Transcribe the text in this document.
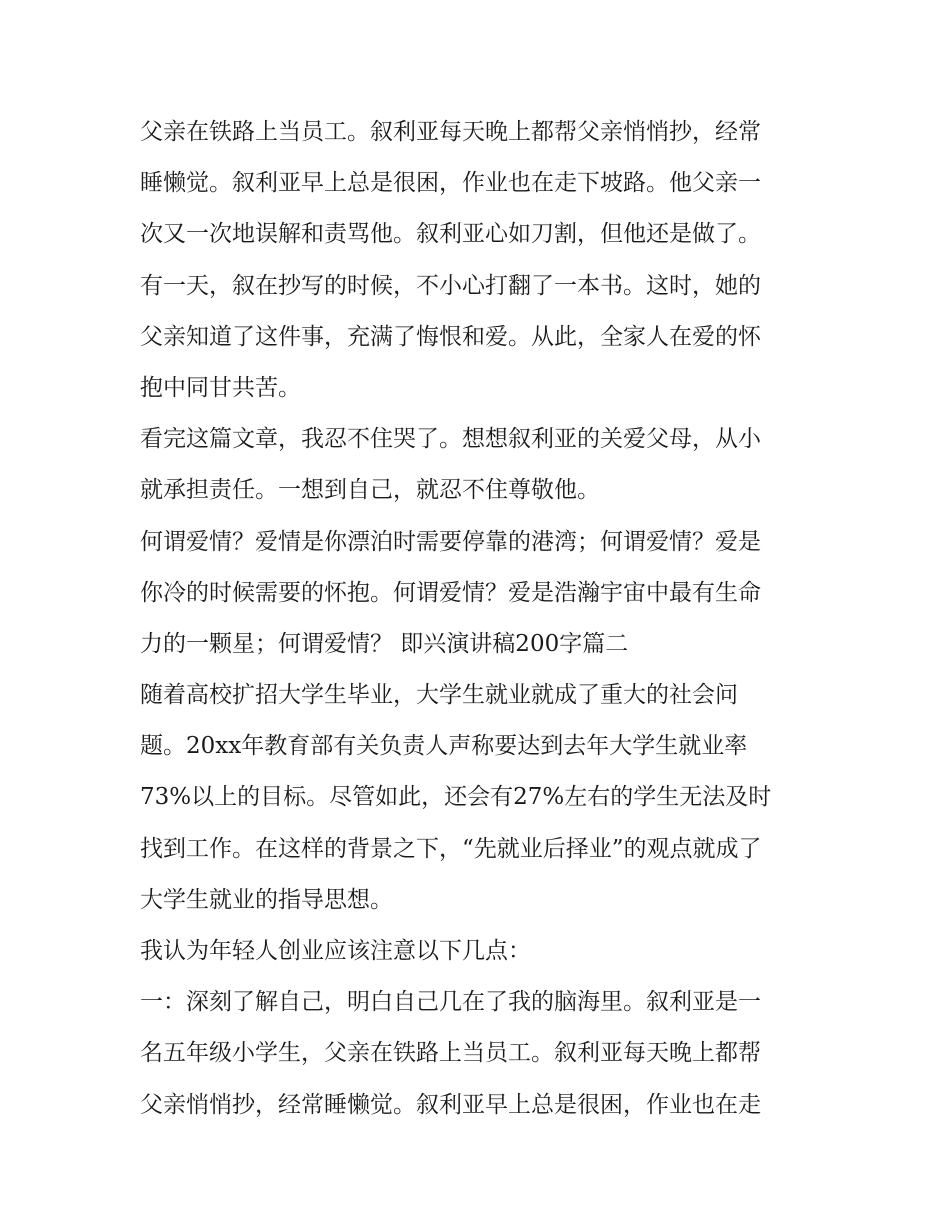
父亲在铁路上当员工。叙利亚每天晚上都帮父亲悄悄抄，经常
睡懒觉。叙利亚早上总是很困，作业也在走下坡路。他父亲一
次又一次地误解和责骂他。叙利亚心如刀割，但他还是做了。
有一天，叙在抄写的时候，不小心打翻了一本书。这时，她的
父亲知道了这件事，充满了悔恨和爱。从此，全家人在爱的怀
抱中同甘共苦。
看完这篇文章，我忍不住哭了。想想叙利亚的关爱父母，从小
就承担责任。一想到自己，就忍不住尊敬他。
何谓爱情？爱情是你漂泊时需要停靠的港湾；何谓爱情？爱是
你冷的时候需要的怀抱。何谓爱情？爱是浩瀚宇宙中最有生命
力的一颗星；何谓爱情？ 即兴演讲稿200字篇二
随着高校扩招大学生毕业，大学生就业就成了重大的社会问
题。20xx年教育部有关负责人声称要达到去年大学生就业率
73%以上的目标。尽管如此，还会有27%左右的学生无法及时
找到工作。在这样的背景之下，“先就业后择业”的观点就成了
大学生就业的指导思想。
我认为年轻人创业应该注意以下几点：
一：深刻了解自己，明白自己几在了我的脑海里。叙利亚是一
名五年级小学生，父亲在铁路上当员工。叙利亚每天晚上都帮
父亲悄悄抄，经常睡懒觉。叙利亚早上总是很困，作业也在走
